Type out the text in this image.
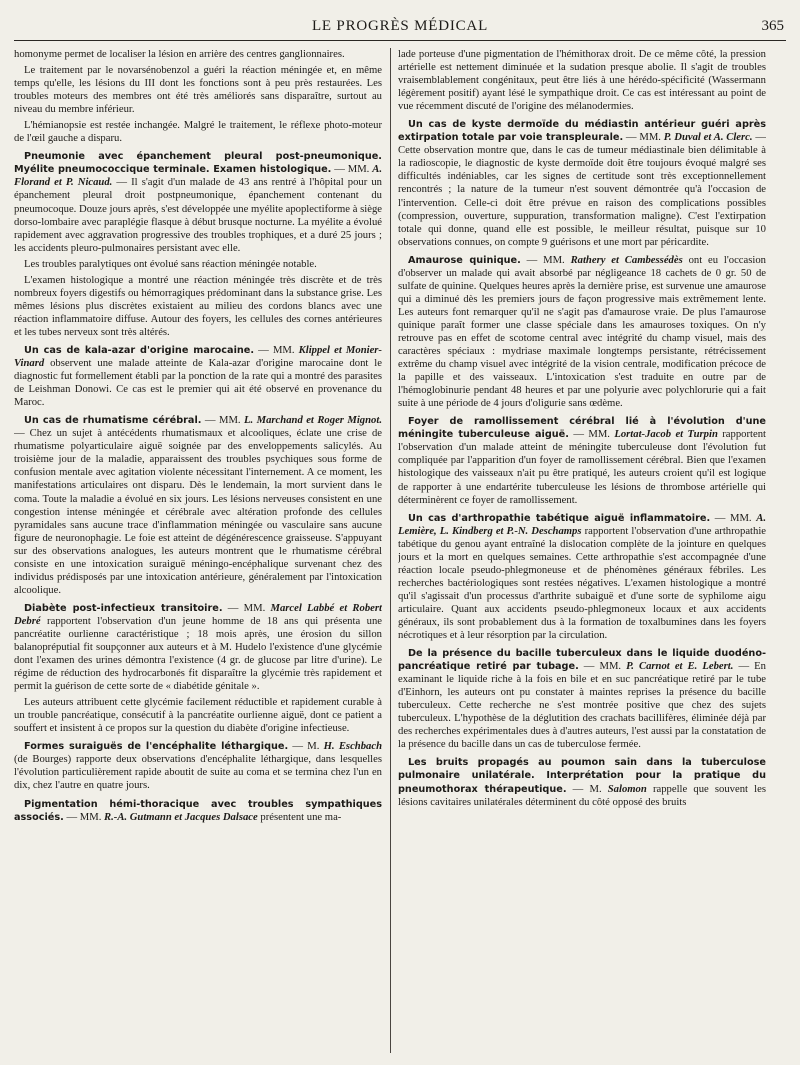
LE PROGRÈS MÉDICAL	365

homonyme permet de localiser la lésion en arrière des centres ganglionnaires.

Le traitement par le novarsénobenzol a guéri la réaction méningée et, en même temps qu'elle, les lésions du III dont les fonctions sont à peu près restaurées. Les troubles moteurs des membres ont été très améliorés sans disparaître, surtout au niveau du membre inférieur.

L'hémianopsie est restée inchangée. Malgré le traitement, le réflexe photo-moteur de l'œil gauche a disparu.

Pneumonie avec épanchement pleural post-pneumonique. Myélite pneumococcique terminale. Examen histologique. — MM. A. Florand et P. Nicaud. — Il s'agit d'un malade de 43 ans rentré à l'hôpital pour un épanchement pleural droit postpneumonique, épanchement contenant du pneumocoque. Douze jours après, s'est développée une myélite apoplectiforme à siège dorso-lombaire avec paraplégie flasque à début brusque nocturne. La myélite a évolué rapidement avec aggravation progressive des troubles trophiques, et a duré 25 jours ; les accidents pleuro-pulmonaires persistant avec elle.

Les troubles paralytiques ont évolué sans réaction méningée notable.

L'examen histologique a montré une réaction méningée très discrète et de très nombreux foyers digestifs ou hémorragiques prédominant dans la substance grise. Les mêmes lésions plus discrètes existaient au milieu des cordons blancs avec une réaction inflammatoire diffuse. Autour des foyers, les cellules des cornes antérieures et les tubes nerveux sont très altérés.

Un cas de kala-azar d'origine marocaine. — MM. Klippel et Monier-Vinard observent une malade atteinte de Kala-azar d'origine marocaine dont le diagnostic fut formellement établi par la ponction de la rate qui a montré des parasites de Leishman Donowi. Ce cas est le premier qui ait été observé en provenance du Maroc.

Un cas de rhumatisme cérébral. — MM. L. Marchand et Roger Mignot. — Chez un sujet à antécédents rhumatismaux et alcooliques, éclate une crise de rhumatisme polyarticulaire aiguë soignée par des enveloppements salicylés. Au troisième jour de la maladie, apparaissent des troubles psychiques sous forme de confusion mentale avec agitation violente nécessitant l'internement. A ce moment, les manifestations articulaires ont disparu. Dès le lendemain, la mort survient dans le coma. Toute la maladie a évolué en six jours. Les lésions nerveuses consistent en une congestion intense méningée et cérébrale avec altération profonde des cellules pyramidales sans aucune trace d'inflammation méningée ou vasculaire sans aucune figure de neuronophagie. Le foie est atteint de dégénérescence graisseuse. S'appuyant sur des observations analogues, les auteurs montrent que le rhumatisme cérébral consiste en une intoxication suraiguë méningo-encéphalique survenant chez des individus prédisposés par une intoxication antérieure, généralement par l'intoxication alcoolique.

Diabète post-infectieux transitoire. — MM. Marcel Labbé et Robert Debré rapportent l'observation d'un jeune homme de 18 ans qui présenta une pancréatite ourlienne caractéristique ; 18 mois après, une érosion du sillon balanopréputial fit soupçonner aux auteurs et à M. Hudelo l'existence d'une glycémie dont l'examen des urines démontra l'existence (4 gr. de glucose par litre d'urine). Le régime de réduction des hydrocarbonés fit disparaître la glycémie très rapidement et permit la guérison de cette sorte de « diabétide génitale ».

Les auteurs attribuent cette glycémie facilement réductible et rapidement curable à un trouble pancréatique, consécutif à la pancréatite ourlienne aiguë, dont ce patient a souffert et insistent à ce propos sur la question du diabète d'origine infectieuse.

Formes suraiguës de l'encéphalite léthargique. — M. H. Eschbach (de Bourges) rapporte deux observations d'encéphalite léthargique, dans lesquelles l'évolution particulièrement rapide aboutit de suite au coma et se termina chez l'un en dix, chez l'autre en quatre jours.

Pigmentation hémi-thoracique avec troubles sympathiques associés. — MM. R.-A. Gutmann et Jacques Dalsace présentent une ma-

lade porteuse d'une pigmentation de l'hémithorax droit. De ce même côté, la pression artérielle est nettement diminuée et la sudation presque abolie. Il s'agit de troubles vraisemblablement congénitaux, peut être liés à une hérédo-spécificité (Wassermann légèrement positif) ayant lésé le sympathique droit. Ce cas est intéressant au point de vue récemment discuté de l'origine des mélanodermies.

Un cas de kyste dermoïde du médiastin antérieur guéri après extirpation totale par voie transpleurale. — MM. P. Duval et A. Clerc. — Cette observation montre que, dans le cas de tumeur médiastinale bien délimitable à la radioscopie, le diagnostic de kyste dermoïde doit être toujours évoqué malgré ses difficultés indéniables, car les signes de certitude sont très exceptionnellement rencontrés ; la nature de la tumeur n'est souvent démontrée qu'à l'occasion de l'intervention. Celle-ci doit être prévue en raison des complications possibles (compression, ouverture, suppuration, transformation maligne). C'est l'extirpation totale qui donne, quand elle est possible, le meilleur résultat, puisque sur 10 observations connues, on compte 9 guérisons et une mort par péricardite.

Amaurose quinique. — MM. Rathery et Cambessédès ont eu l'occasion d'observer un malade qui avait absorbé par négligeance 18 cachets de 0 gr. 50 de sulfate de quinine. Quelques heures après la dernière prise, est survenue une amaurose qui a diminué dès les premiers jours de façon progressive mais extrêmement lente. Les auteurs font remarquer qu'il ne s'agit pas d'amaurose vraie. De plus l'amaurose quinique paraît former une classe spéciale dans les amauroses toxiques. On n'y retrouve pas en effet de scotome central avec intégrité du champ visuel, mais des caractères spéciaux : mydriase maximale longtemps persistante, rétrécissement extrême du champ visuel avec intégrité de la vision centrale, modification précoce de la papille et des vaisseaux. L'intoxication s'est traduite en outre par de l'hémoglobinurie pendant 48 heures et par une polyurie avec polychlorurie qui a fait suite à une période de 4 jours d'oligurie sans œdème.

Foyer de ramollissement cérébral lié à l'évolution d'une méningite tuberculeuse aiguë. — MM. Lortat-Jacob et Turpin rapportent l'observation d'un malade atteint de méningite tuberculeuse dont l'évolution fut compliquée par l'apparition d'un foyer de ramollissement cérébral. Bien que l'examen histologique des vaisseaux n'ait pu être pratiqué, les auteurs croient qu'il est logique de rapporter à une endartérite tuberculeuse les lésions de thrombose artérielle qui déterminèrent ce foyer de ramollissement.

Un cas d'arthropathie tabétique aiguë inflammatoire. — MM. A. Lemière, L. Kindberg et P.-N. Deschamps rapportent l'observation d'une arthropathie tabétique du genou ayant entraîné la dislocation complète de la jointure en quelques jours et la mort en quelques semaines. Cette arthropathie s'est accompagnée d'une réaction locale pseudo-phlegmoneuse et de phénomènes généraux fébriles. Les recherches bactériologiques sont restées négatives. L'examen histologique a montré qu'il s'agissait d'un processus d'arthrite subaiguë et d'une sorte de syphilome aigu articulaire. Quant aux accidents pseudo-phlegmoneux locaux et aux accidents généraux, ils sont probablement dus à la formation de toxalbumines dans les foyers nécrotiques et à leur résorption par la circulation.

De la présence du bacille tuberculeux dans le liquide duodéno-pancréatique retiré par tubage. — MM. P. Carnot et E. Lebert. — En examinant le liquide riche à la fois en bile et en suc pancréatique retiré par le tube d'Einhorn, les auteurs ont pu constater à maintes reprises la présence du bacille tuberculeux. Cette recherche ne s'est montrée positive que chez des sujets tuberculeux. L'hypothèse de la déglutition des crachats bacillifères, éliminée déjà par des recherches expérimentales dues à d'autres auteurs, l'est aussi par la constatation de la présence du bacille dans un cas de tuberculose fermée.

Les bruits propagés au poumon sain dans la tuberculose pulmonaire unilatérale. Interprétation pour la pratique du pneumothorax thérapeutique. — M. Salomon rappelle que souvent les lésions cavitaires unilatérales déterminent du côté opposé des bruits
